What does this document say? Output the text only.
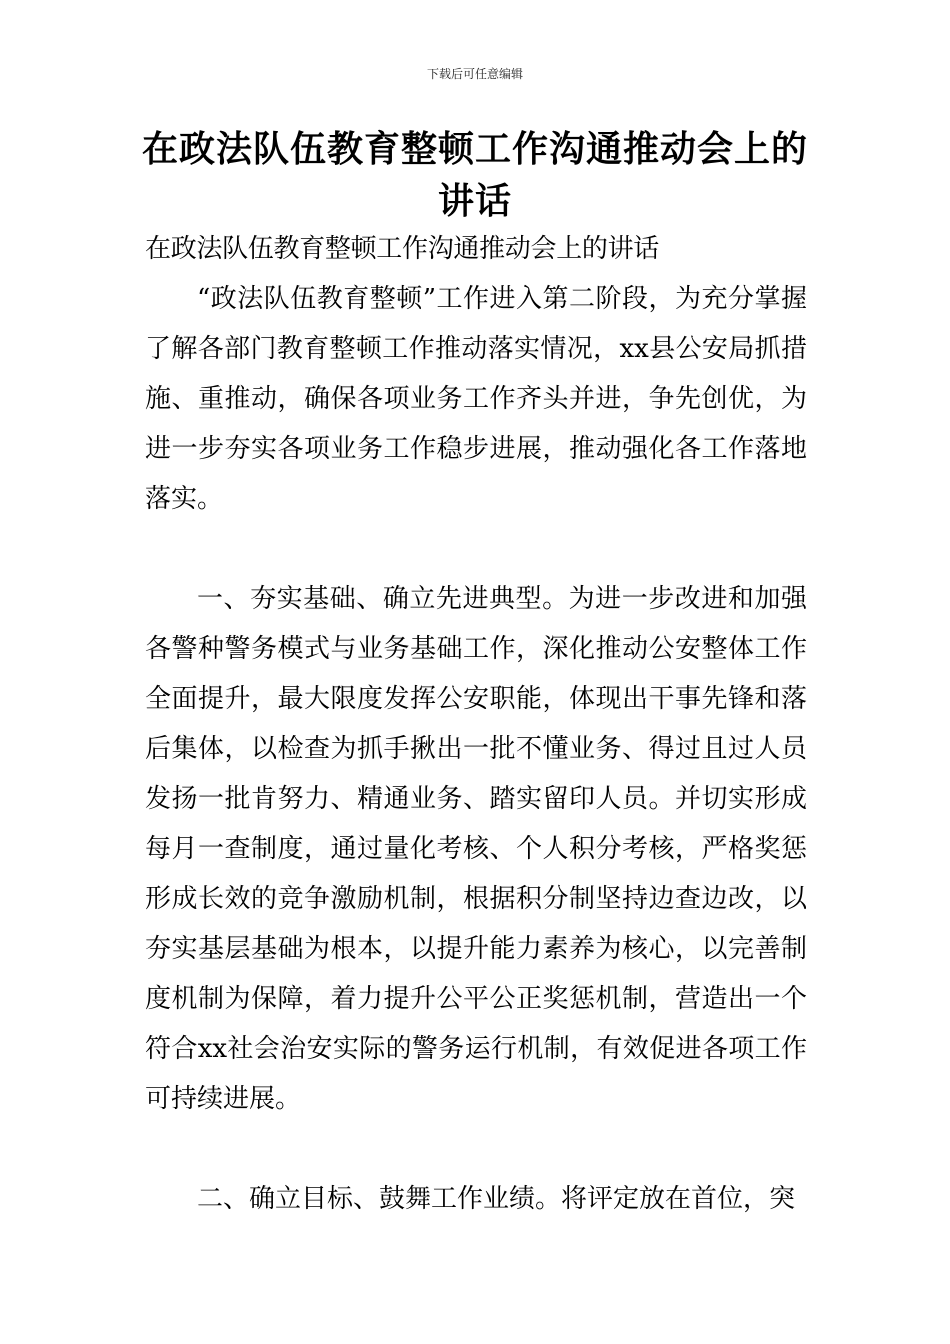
下载后可任意编辑
在政法队伍教育整顿工作沟通推动会上的讲话

在政法队伍教育整顿工作沟通推动会上的讲话

“政法队伍教育整顿”工作进入第二阶段，为充分掌握了解各部门教育整顿工作推动落实情况，xx县公安局抓措施、重推动，确保各项业务工作齐头并进，争先创优，为进一步夯实各项业务工作稳步进展，推动强化各工作落地落实。

一、夯实基础、确立先进典型。为进一步改进和加强各警种警务模式与业务基础工作，深化推动公安整体工作全面提升，最大限度发挥公安职能，体现出干事先锋和落后集体，以检查为抓手揪出一批不懂业务、得过且过人员发扬一批肯努力、精通业务、踏实留印人员。并切实形成每月一查制度，通过量化考核、个人积分考核，严格奖惩形成长效的竞争激励机制，根据积分制坚持边查边改，以夯实基层基础为根本，以提升能力素养为核心，以完善制度机制为保障，着力提升公平公正奖惩机制，营造出一个符合xx社会治安实际的警务运行机制，有效促进各项工作可持续进展。

二、确立目标、鼓舞工作业绩。将评定放在首位，突
